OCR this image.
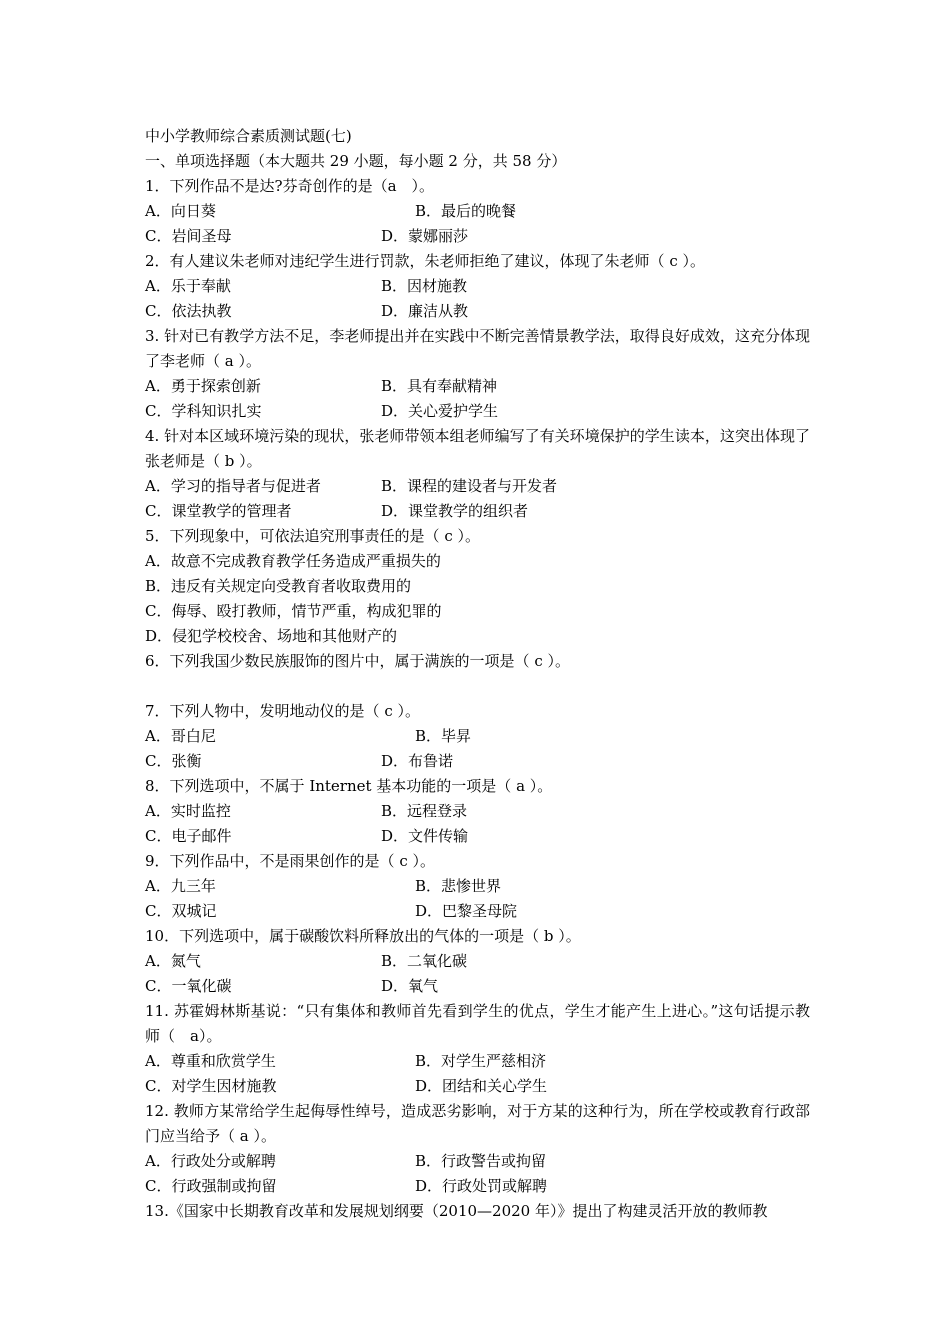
中小学教师综合素质测试题(七)
一、单项选择题（本大题共 29 小题，每小题 2 分，共 58 分）
1．下列作品不是达?芬奇创作的是（a　）。
A．向日葵	B．最后的晚餐
C．岩间圣母	D．蒙娜丽莎
2．有人建议朱老师对违纪学生进行罚款，朱老师拒绝了建议，体现了朱老师（ c ）。
A．乐于奉献	B．因材施教
C．依法执教	D．廉洁从教
3. 针对已有教学方法不足，李老师提出并在实践中不断完善情景教学法，取得良好成效，这充分体现了李老师（ a ）。
A．勇于探索创新	B．具有奉献精神
C．学科知识扎实	D．关心爱护学生
4. 针对本区域环境污染的现状，张老师带领本组老师编写了有关环境保护的学生读本，这突出体现了张老师是（ b ）。
A．学习的指导者与促进者	B．课程的建设者与开发者
C．课堂教学的管理者	D．课堂教学的组织者
5．下列现象中，可依法追究刑事责任的是（ c ）。
A．故意不完成教育教学任务造成严重损失的
B．违反有关规定向受教育者收取费用的
C．侮辱、殴打教师，情节严重，构成犯罪的
D．侵犯学校校舍、场地和其他财产的
6．下列我国少数民族服饰的图片中，属于满族的一项是（ c ）。
7．下列人物中，发明地动仪的是（ c ）。
A．哥白尼	B．毕昇
C．张衡	D．布鲁诺
8．下列选项中，不属于 Internet 基本功能的一项是（ a ）。
A．实时监控	B．远程登录
C．电子邮件	D．文件传输
9．下列作品中，不是雨果创作的是（ c ）。
A．九三年	B．悲惨世界
C．双城记	D．巴黎圣母院
10．下列选项中，属于碳酸饮料所释放出的气体的一项是（ b ）。
A．氮气	B．二氧化碳
C．一氧化碳	D．氧气
11. 苏霍姆林斯基说：“只有集体和教师首先看到学生的优点，学生才能产生上进心。”这句话提示教师（　a）。
A．尊重和欣赏学生	B．对学生严慈相济
C．对学生因材施教	D．团结和关心学生
12. 教师方某常给学生起侮辱性绰号，造成恶劣影响，对于方某的这种行为，所在学校或教育行政部门应当给予（ a ）。
A．行政处分或解聘	B．行政警告或拘留
C．行政强制或拘留	D．行政处罚或解聘
13.《国家中长期教育改革和发展规划纲要（2010—2020 年）》提出了构建灵活开放的教师教
